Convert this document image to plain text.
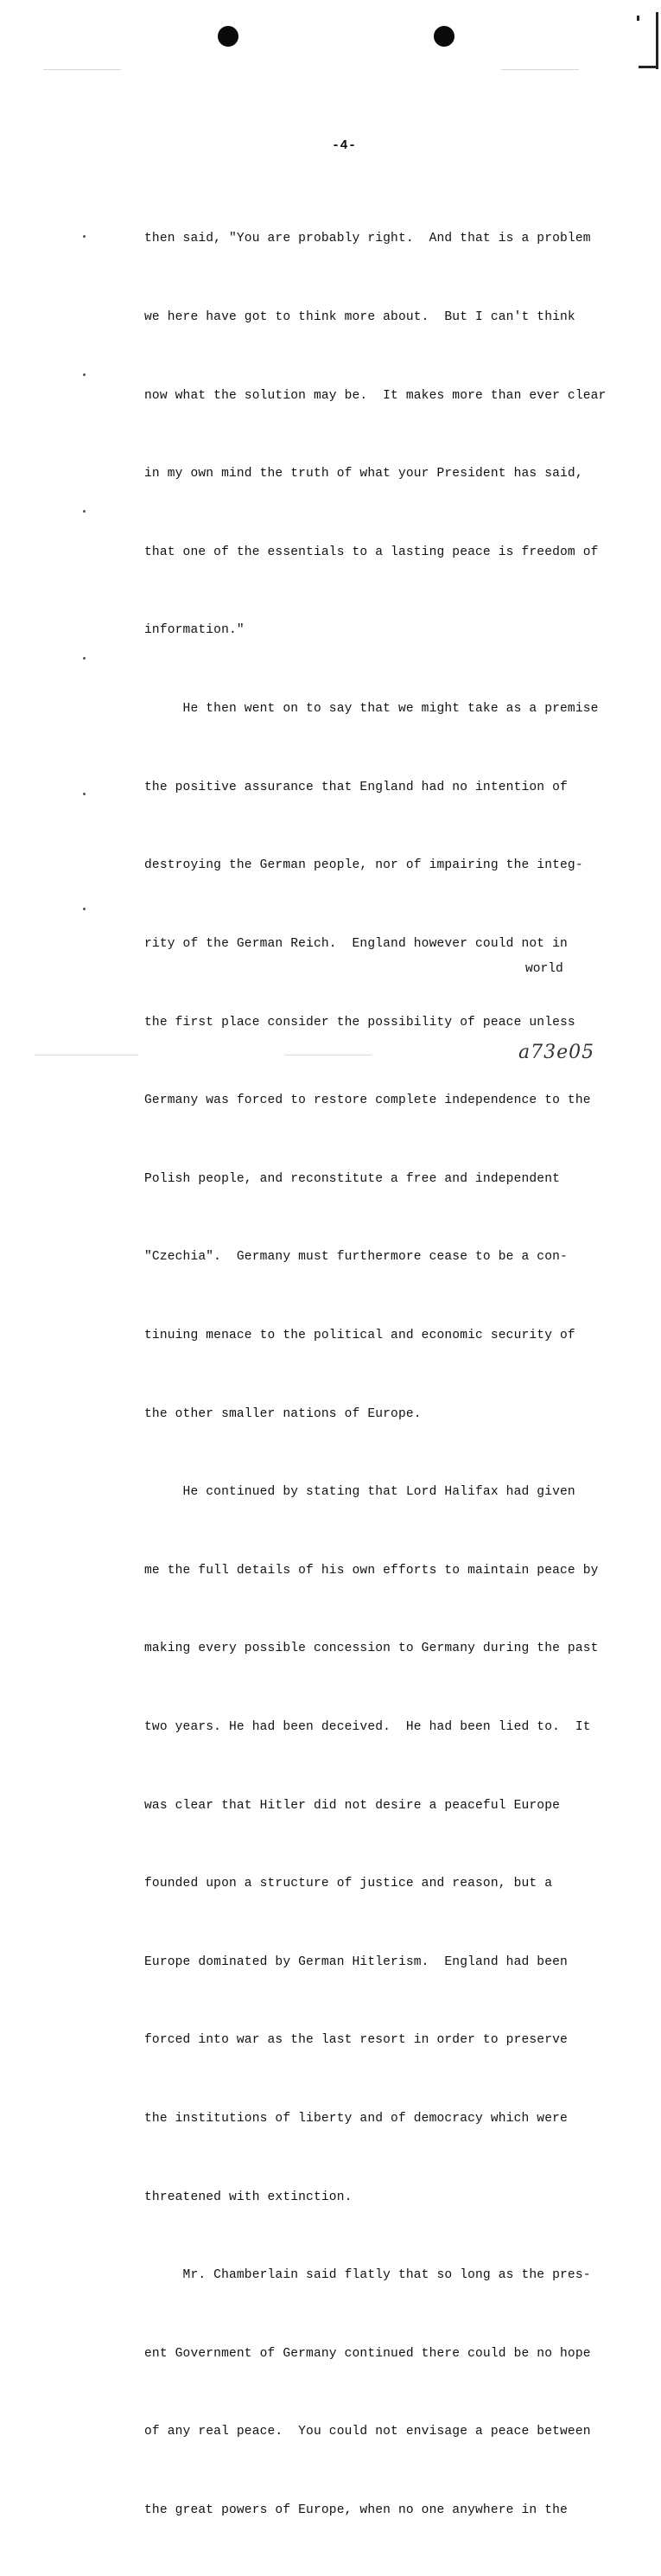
-4-

then said, "You are probably right.  And that is a problem

we here have got to think more about.  But I can't think

now what the solution may be.  It makes more than ever clear

in my own mind the truth of what your President has said,

that one of the essentials to a lasting peace is freedom of

information."

He then went on to say that we might take as a premise

the positive assurance that England had no intention of

destroying the German people, nor of impairing the integ-

rity of the German Reich.  England however could not in

the first place consider the possibility of peace unless

Germany was forced to restore complete independence to the

Polish people, and reconstitute a free and independent

"Czechia".  Germany must furthermore cease to be a con-

tinuing menace to the political and economic security of

the other smaller nations of Europe.

He continued by stating that Lord Halifax had given

me the full details of his own efforts to maintain peace by

making every possible concession to Germany during the past

two years. He had been deceived.  He had been lied to.  It

was clear that Hitler did not desire a peaceful Europe

founded upon a structure of justice and reason, but a

Europe dominated by German Hitlerism.  England had been

forced into war as the last resort in order to preserve

the institutions of liberty and of democracy which were

threatened with extinction.

Mr. Chamberlain said flatly that so long as the pres-

ent Government of Germany continued there could be no hope

of any real peace.  You could not envisage a peace between

the great powers of Europe, when no one anywhere in the

world
a73e05
